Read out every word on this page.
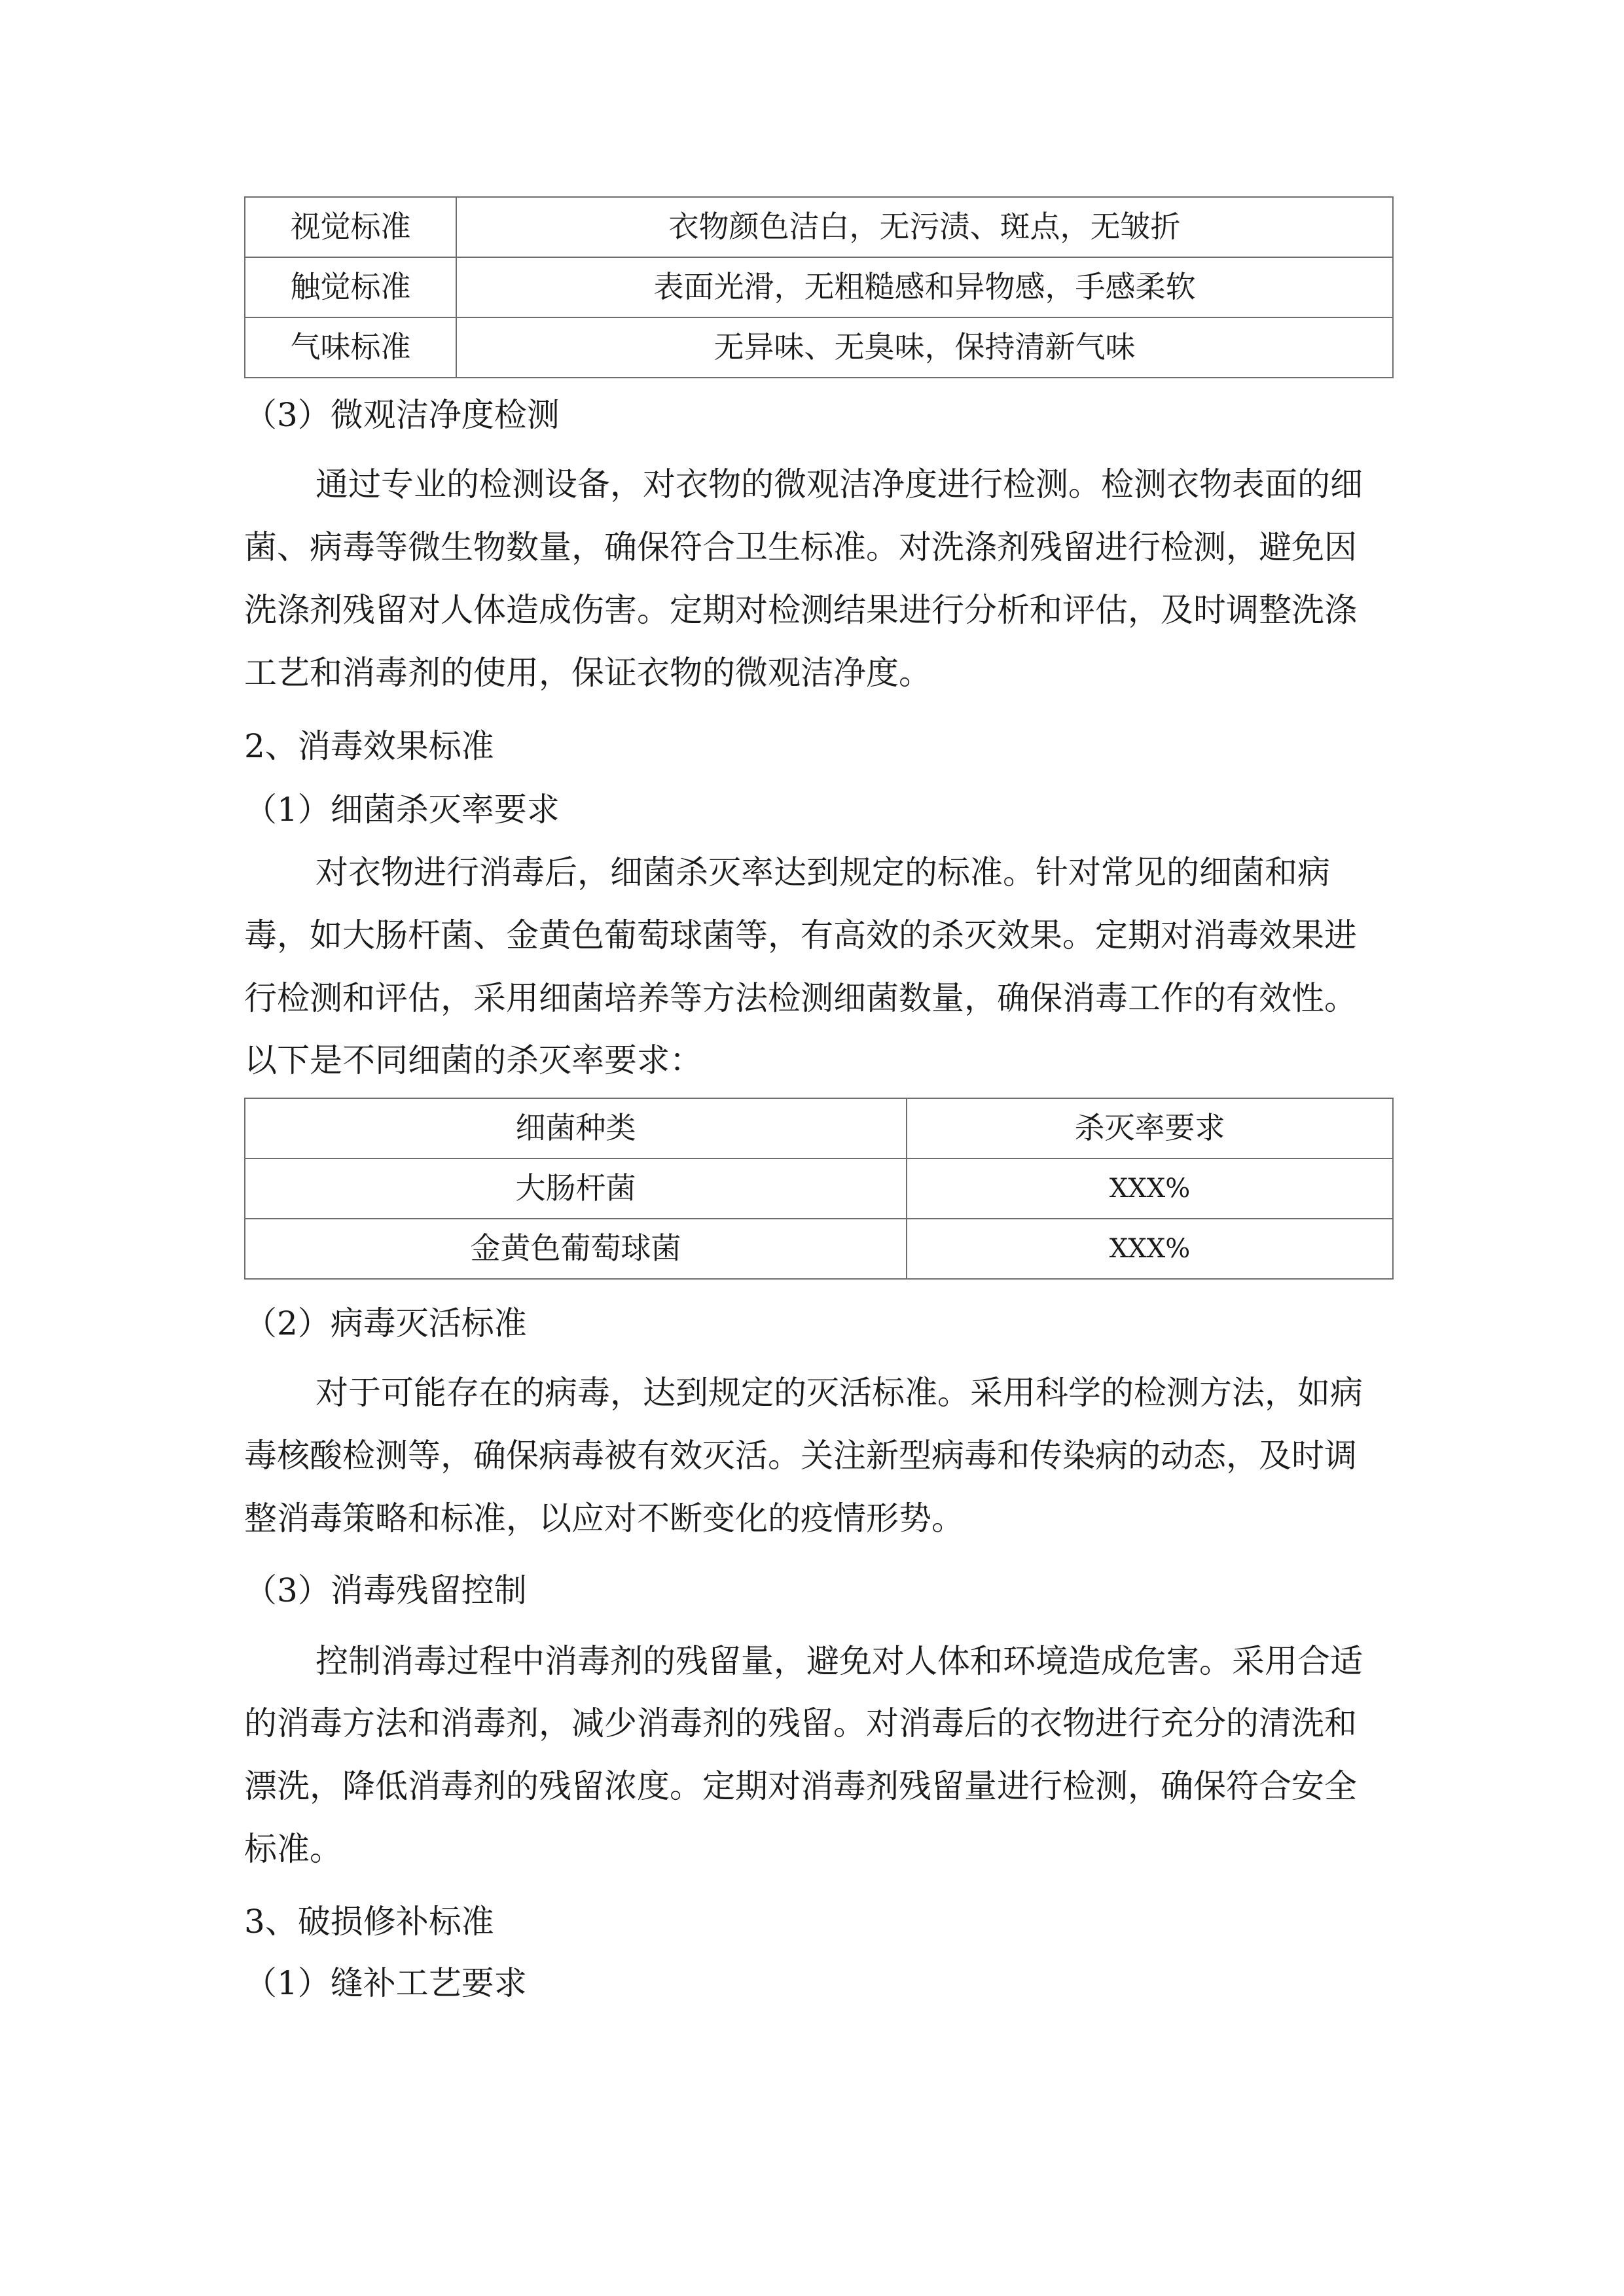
视觉标准	衣物颜色洁白，无污渍、斑点，无皱折
触觉标准	表面光滑，无粗糙感和异物感，手感柔软
气味标准	无异味、无臭味，保持清新气味
（3）微观洁净度检测
通过专业的检测设备，对衣物的微观洁净度进行检测。检测衣物表面的细
菌、病毒等微生物数量，确保符合卫生标准。对洗涤剂残留进行检测，避免因
洗涤剂残留对人体造成伤害。定期对检测结果进行分析和评估，及时调整洗涤
工艺和消毒剂的使用，保证衣物的微观洁净度。
2、消毒效果标准
（1）细菌杀灭率要求
对衣物进行消毒后，细菌杀灭率达到规定的标准。针对常见的细菌和病
毒，如大肠杆菌、金黄色葡萄球菌等，有高效的杀灭效果。定期对消毒效果进
行检测和评估，采用细菌培养等方法检测细菌数量，确保消毒工作的有效性。
以下是不同细菌的杀灭率要求：
细菌种类	杀灭率要求
大肠杆菌	XXX%
金黄色葡萄球菌	XXX%
（2）病毒灭活标准
对于可能存在的病毒，达到规定的灭活标准。采用科学的检测方法，如病
毒核酸检测等，确保病毒被有效灭活。关注新型病毒和传染病的动态，及时调
整消毒策略和标准，以应对不断变化的疫情形势。
（3）消毒残留控制
控制消毒过程中消毒剂的残留量，避免对人体和环境造成危害。采用合适
的消毒方法和消毒剂，减少消毒剂的残留。对消毒后的衣物进行充分的清洗和
漂洗，降低消毒剂的残留浓度。定期对消毒剂残留量进行检测，确保符合安全
标准。
3、破损修补标准
（1）缝补工艺要求
